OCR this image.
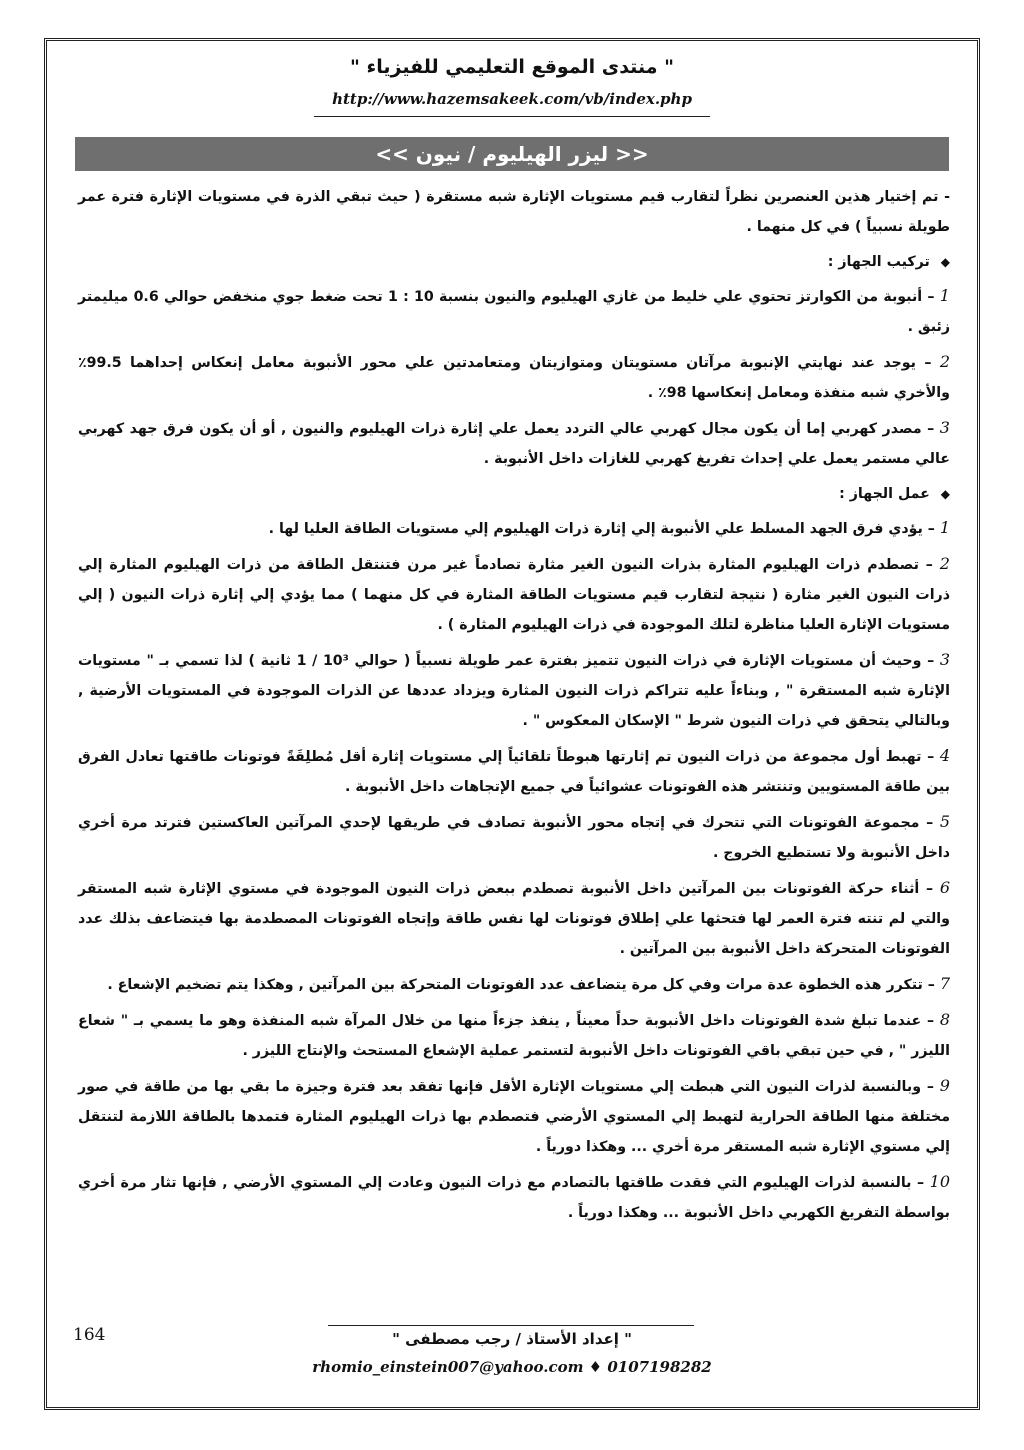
" منتدى الموقع التعليمي للفيزياء "
http://www.hazemsakeek.com/vb/index.php
<< ليزر الهيليوم / نيون >>

- تم إختيار هذين العنصرين نظراً لتقارب قيم مستويات الإثارة شبه مستقرة ( حيث تبقي الذرة في مستويات الإثارة فترة عمر طويلة نسبياً ) في كل منهما .

◆ تركيب الجهاز :

1 – أنبوبة من الكوارتز تحتوي علي خليط من غازي الهيليوم والنيون بنسبة 10 : 1 تحت ضغط جوي منخفض حوالي 0.6 ميليمتر زئبق .

2 – يوجد عند نهايتي الإنبوبة مرآتان مستويتان ومتوازيتان ومتعامدتين علي محور الأنبوبة معامل إنعكاس إحداهما 99.5٪ والأخري شبه منفذة ومعامل إنعكاسها 98٪ .

3 – مصدر كهربي إما أن يكون مجال كهربي عالي التردد يعمل علي إثارة ذرات الهيليوم والنيون , أو أن يكون فرق جهد كهربي عالي مستمر يعمل علي إحداث تفريغ كهربي للغازات داخل الأنبوبة .

◆ عمل الجهاز :

1 – يؤدي فرق الجهد المسلط علي الأنبوبة إلي إثارة ذرات الهيليوم إلي مستويات الطاقة العليا لها .

2 – تصطدم ذرات الهيليوم المثارة بذرات النيون الغير مثارة تصادماً غير مرن فتنتقل الطاقة من ذرات الهيليوم المثارة إلي ذرات النيون الغير مثارة ( نتيجة لتقارب قيم مستويات الطاقة المثارة في كل منهما ) مما يؤدي إلي إثارة ذرات النيون ( إلي مستويات الإثارة العليا مناظرة لتلك الموجودة في ذرات الهيليوم المثارة ) .

3 – وحيث أن مستويات الإثارة في ذرات النيون تتميز بفترة عمر طويلة نسبياً ( حوالي 10³ / 1 ثانية ) لذا تسمي بـ " مستويات الإثارة شبه المستقرة " , وبناءاً عليه تتراكم ذرات النيون المثارة ويزداد عددها عن الذرات الموجودة في المستويات الأرضية , وبالتالي يتحقق في ذرات النيون شرط " الإسكان المعكوس " .

4 – تهبط أول مجموعة من ذرات النيون تم إثارتها هبوطاً تلقائياً إلي مستويات إثارة أقل مُطلِقَةً فوتونات طاقتها تعادل الفرق بين طاقة المستويين وتنتشر هذه الفوتونات عشوائياً في جميع الإتجاهات داخل الأنبوبة .

5 – مجموعة الفوتونات التي تتحرك في إتجاه محور الأنبوبة تصادف في طريقها لإحدي المرآتين العاكستين فترتد مرة أخري داخل الأنبوبة ولا تستطيع الخروج .

6 – أثناء حركة الفوتونات بين المرآتين داخل الأنبوبة تصطدم ببعض ذرات النيون الموجودة في مستوي الإثارة شبه المستقر والتي لم تنته فترة العمر لها فتحثها علي إطلاق فوتونات لها نفس طاقة وإتجاه الفوتونات المصطدمة بها فيتضاعف بذلك عدد الفوتونات المتحركة داخل الأنبوبة بين المرآتين .

7 – تتكرر هذه الخطوة عدة مرات وفي كل مرة يتضاعف عدد الفوتونات المتحركة بين المرآتين , وهكذا يتم تضخيم الإشعاع .

8 – عندما تبلغ شدة الفوتونات داخل الأنبوبة حداً معيناً , ينفذ جزءاً منها من خلال المرآة شبه المنفذة وهو ما يسمي بـ " شعاع الليزر " , في حين تبقي باقي الفوتونات داخل الأنبوبة لتستمر عملية الإشعاع المستحث والإنتاج الليزر .

9 – وبالنسبة لذرات النيون التي هبطت إلي مستويات الإثارة الأقل فإنها تفقد بعد فترة وجيزة ما بقي بها من طاقة في صور مختلفة منها الطاقة الحرارية لتهبط إلي المستوي الأرضي فتصطدم بها ذرات الهيليوم المثارة فتمدها بالطاقة اللازمة لتنتقل إلي مستوي الإثارة شبه المستقر مرة أخري ... وهكذا دورياً .

10 – بالنسبة لذرات الهيليوم التي فقدت طاقتها بالتصادم مع ذرات النيون وعادت إلي المستوي الأرضي , فإنها تثار مرة أخري بواسطة التفريغ الكهربي داخل الأنبوبة ... وهكذا دورياً .

164	" إعداد الأستاذ / رجب مصطفى "
rhomio_einstein007@yahoo.com ♦ 0107198282
